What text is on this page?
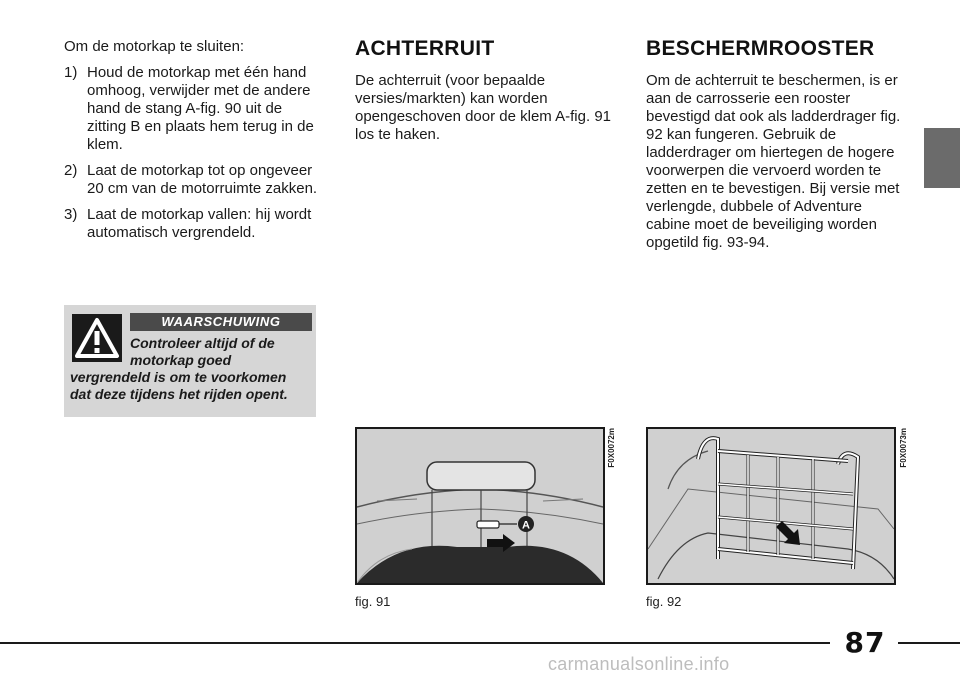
Om de motorkap te sluiten:

1) Houd de motorkap met één hand omhoog, verwijder met de andere hand de stang A-fig. 90 uit de zitting B en plaats hem terug in de klem.
2) Laat de motorkap tot op ongeveer 20 cm van de motorruimte zakken.
3) Laat de motorkap vallen: hij wordt automatisch vergrendeld.
WAARSCHUWING
Controleer altijd of de
motorkap goed
vergrendeld is om te voorkomen
dat deze tijdens het rijden opent.
ACHTERRUIT

De achterruit (voor bepaalde versies/markten) kan worden opengeschoven door de klem A-fig. 91 los te haken.

BESCHERMROOSTER

Om de achterruit te beschermen, is er aan de carrosserie een rooster bevestigd dat ook als ladderdrager fig. 92 kan fungeren. Gebruik de ladderdrager om hiertegen de hogere voorwerpen die vervoerd worden te zetten en te bevestigen. Bij versie met verlengde, dubbele of Adventure cabine moet de beveiliging worden opgetild fig. 93-94.

A
F0X0072m
fig. 91
F0X0073m
fig. 92
87
carmanualsonline.info
